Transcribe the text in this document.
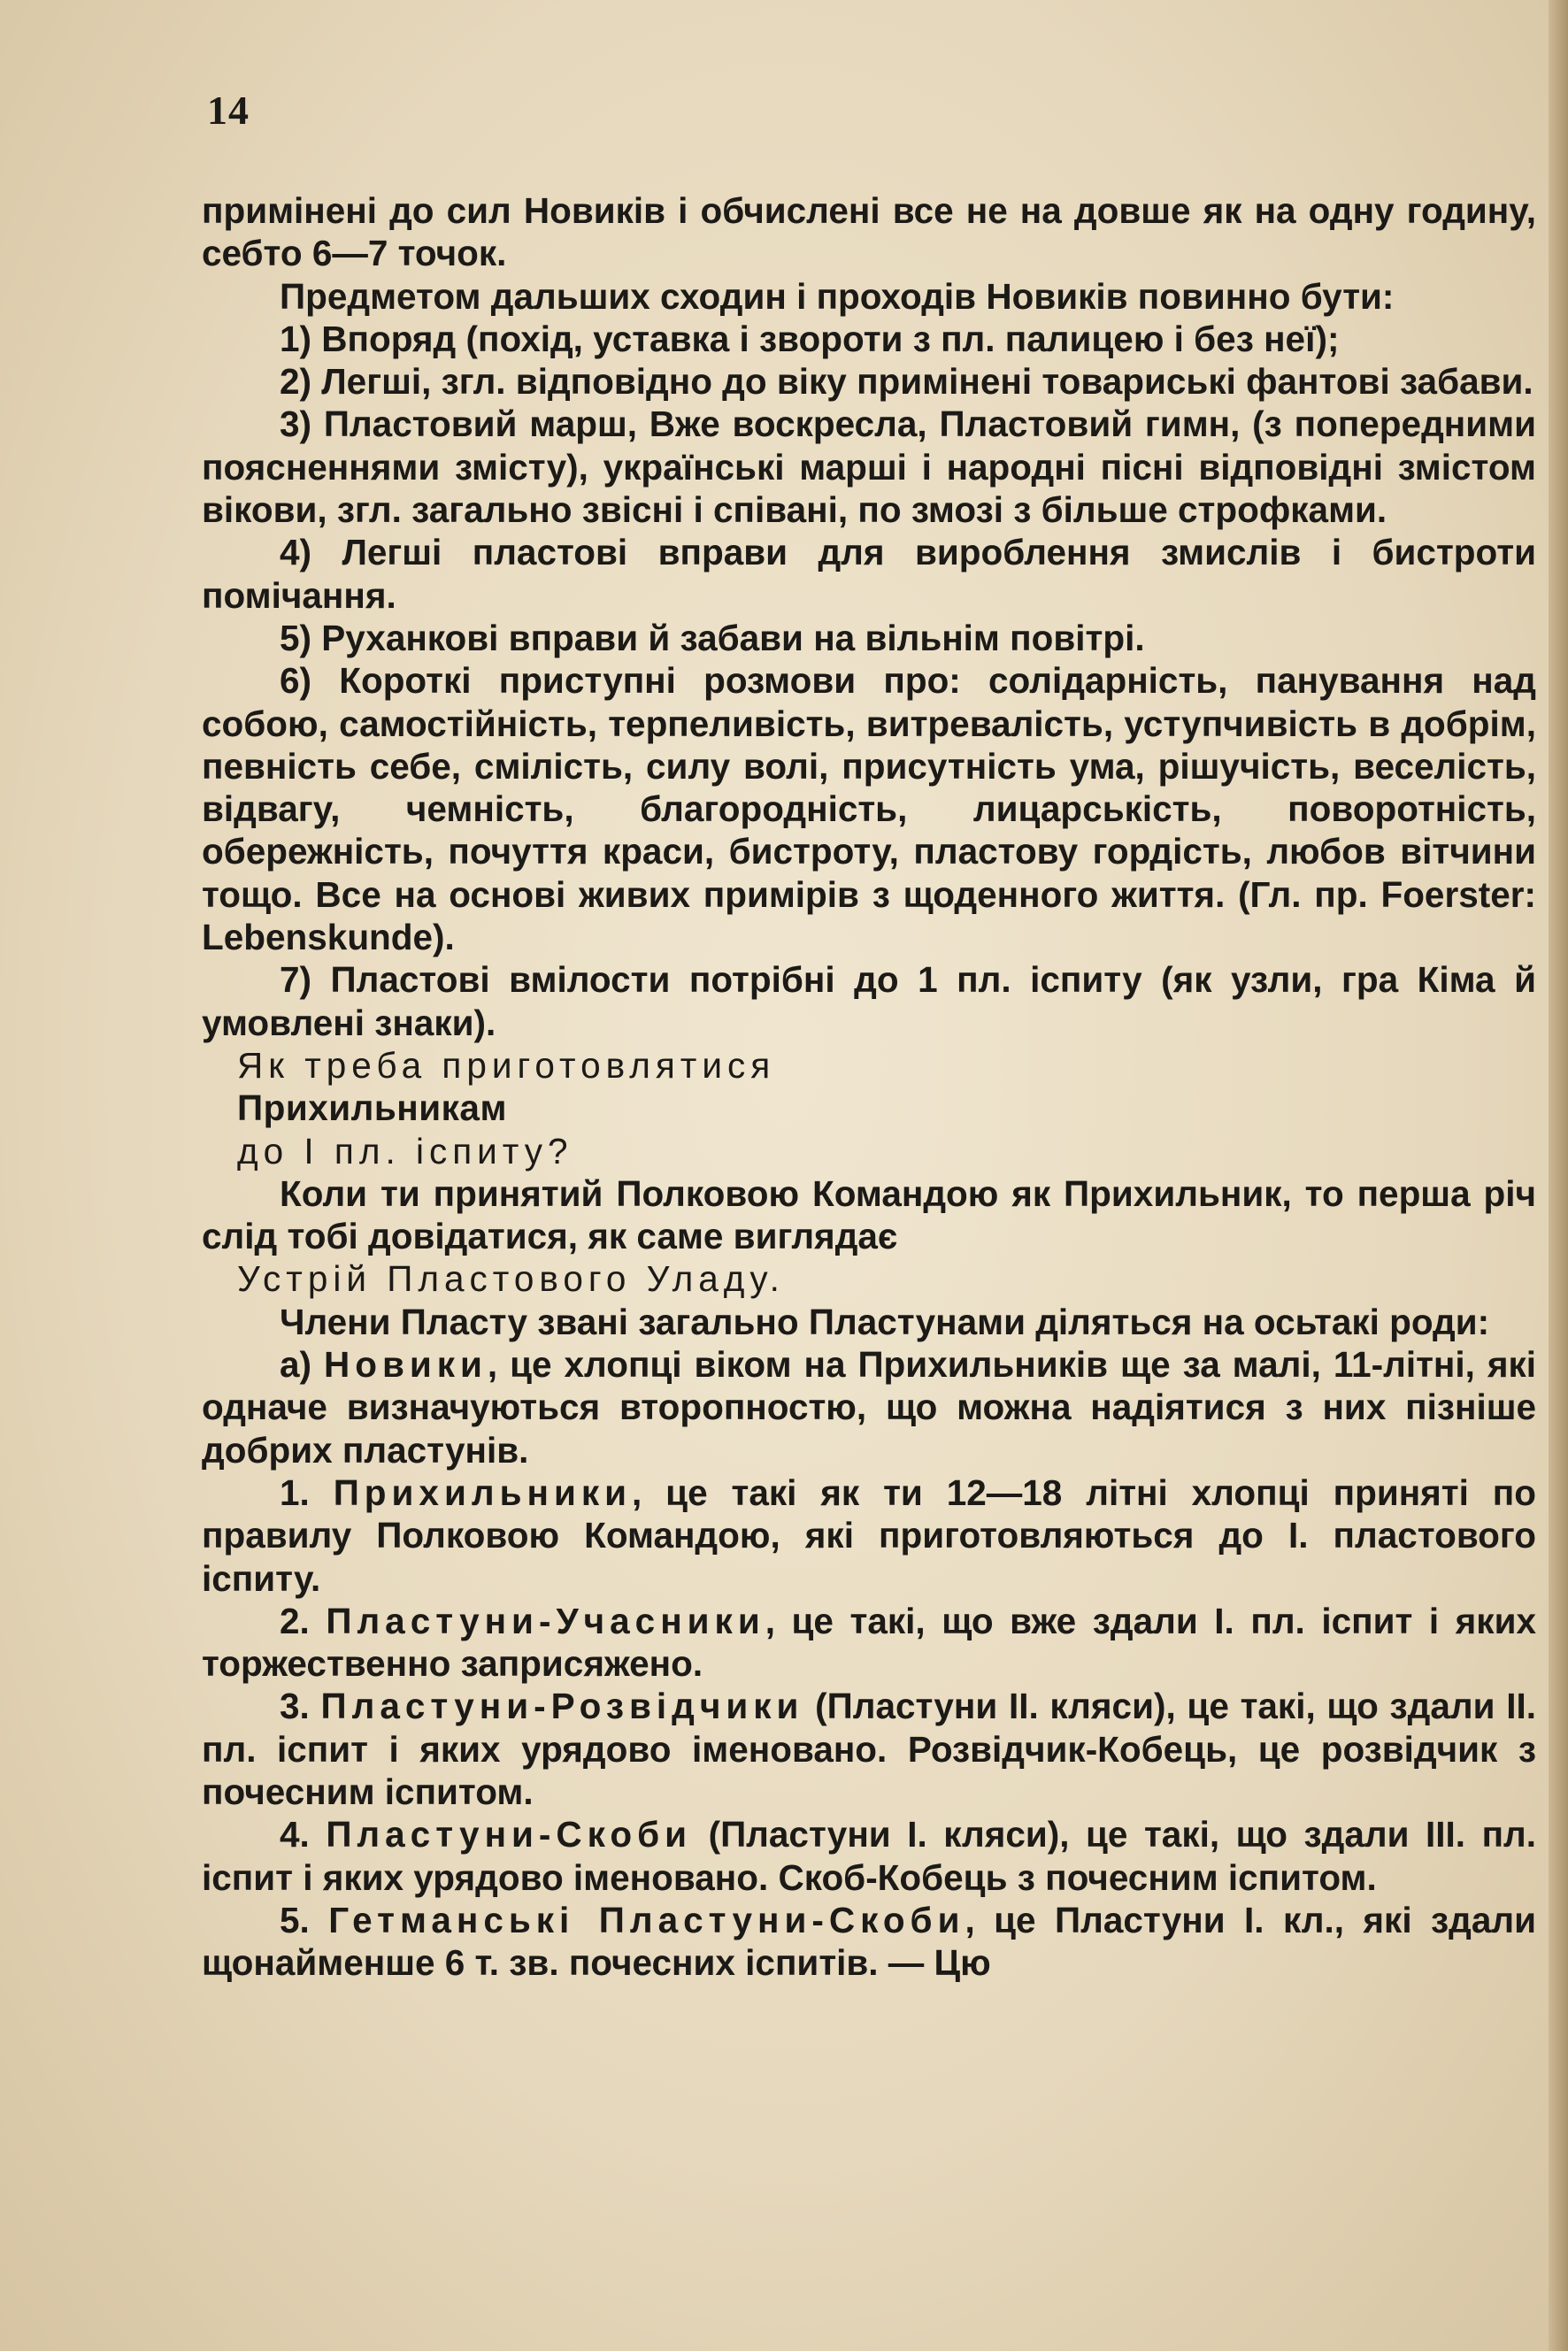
14

примінені до сил Новиків і обчислені все не на довше як на одну годину, себто 6—7 точок.

Предметом дальших сходин і проходів Новиків повинно бути:

1) Впоряд (похід, уставка і звороти з пл. палицею і без неї);

2) Легші, згл. відповідно до віку примінені товариські фантові забави.

3) Пластовий марш, Вже воскресла, Пластовий гимн, (з попередними поясненнями змісту), українські марші і народні пісні відповідні змістом вікови, згл. загально звісні і співані, по змозі з більше строфками.

4) Легші пластові вправи для вироблення змислів і бистроти помічання.

5) Руханкові вправи й забави на вільнім повітрі.

6) Короткі приступні розмови про: солідарність, панування над собою, самостійність, терпеливість, витреваліcть, уступчивість в добрім, певність себе, смілість, силу волі, присутність ума, рішучість, веселість, відвагу, чемність, благородність, лицарськість, поворотність, обережність, почуття краси, бистроту, пластову гордість, любов вітчини тощо. Все на основі живих примірів з щоденного життя. (Гл. пр. Foerster: Lebenskunde).

7) Пластові вмілости потрібні до 1 пл. іспиту (як узли, гра Кіма й умовлені знаки).

Як треба приготовлятися

Прихильникам

до I пл. іспиту?

Коли ти принятий Полковою Командою як Прихильник, то перша річ слід тобі довідатися, як саме виглядає

Устрій Пластового Уладу.

Члени Пласту звані загально Пластунами діляться на осьтакі роди:

а) Новики, це хлопці віком на Прихильників ще за малі, 11-літні, які одначе визначуються второпностю, що можна надіятися з них пізніше добрих пластунів.

1. Прихильники, це такі як ти 12—18 літні хлопці приняті по правилу Полковою Командою, які приготовляються до I. пластового іспиту.

2. Пластуни-Учасники, це такі, що вже здали I. пл. іспит і яких торжественно заприсяжено.

3. Пластуни-Розвідчики (Пластуни II. кляси), це такі, що здали II. пл. іспит і яких урядово іменовано. Розвідчик-Кобець, це розвідчик з почесним іспитом.

4. Пластуни-Скоби (Пластуни I. кляси), це такі, що здали III. пл. іспит і яких урядово іменовано. Скоб-Кобець з почесним іспитом.

5. Гетманські Пластуни-Скоби, це Пластуни I. кл., які здали щонайменше 6 т. зв. почесних іспитів. — Цю
